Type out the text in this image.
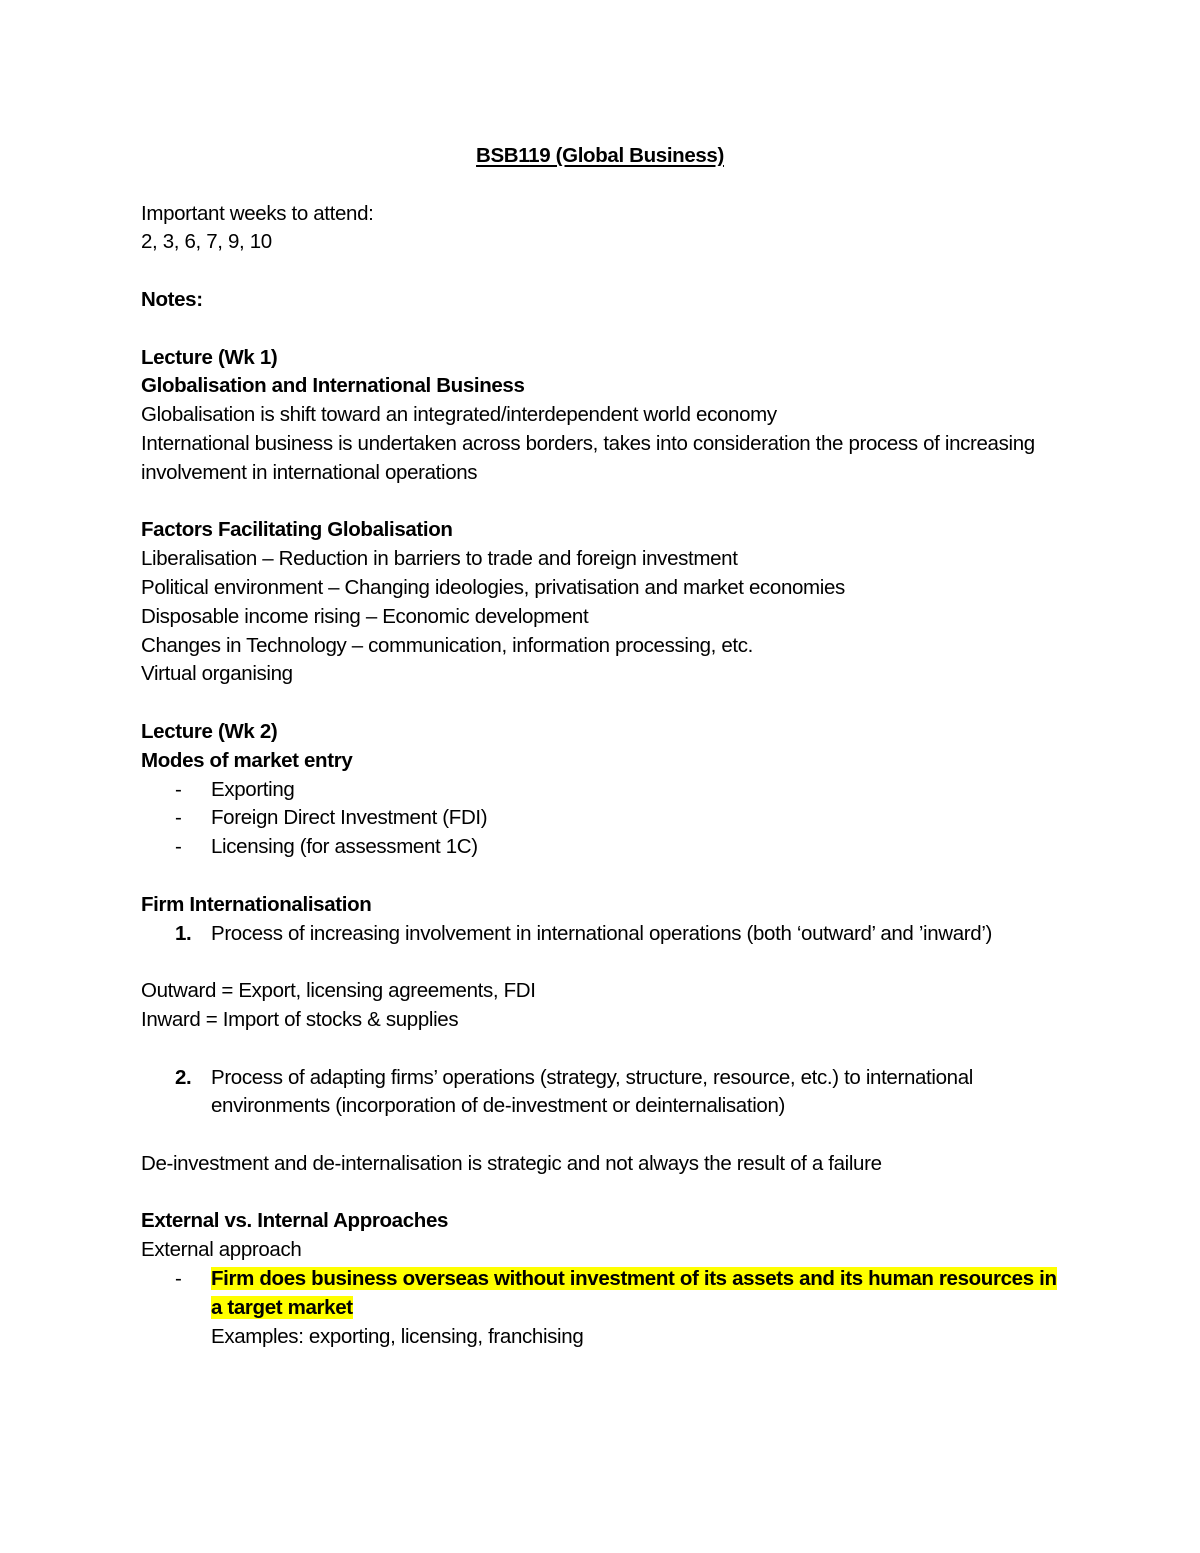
BSB119 (Global Business)
Important weeks to attend:
2, 3, 6, 7, 9, 10
Notes:
Lecture (Wk 1)
Globalisation and International Business
Globalisation is shift toward an integrated/interdependent world economy
International business is undertaken across borders, takes into consideration the process of increasing involvement in international operations
Factors Facilitating Globalisation
Liberalisation – Reduction in barriers to trade and foreign investment
Political environment – Changing ideologies, privatisation and market economies
Disposable income rising – Economic development
Changes in Technology – communication, information processing, etc.
Virtual organising
Lecture (Wk 2)
Modes of market entry
-	Exporting
-	Foreign Direct Investment (FDI)
-	Licensing (for assessment 1C)
Firm Internationalisation
1. Process of increasing involvement in international operations (both ‘outward’ and ’inward’)
Outward = Export, licensing agreements, FDI
Inward = Import of stocks & supplies
2. Process of adapting firms’ operations (strategy, structure, resource, etc.) to international environments (incorporation of de-investment or deinternalisation)
De-investment and de-internalisation is strategic and not always the result of a failure
External vs. Internal Approaches
External approach
-	Firm does business overseas without investment of its assets and its human resources in a target market
Examples: exporting, licensing, franchising
